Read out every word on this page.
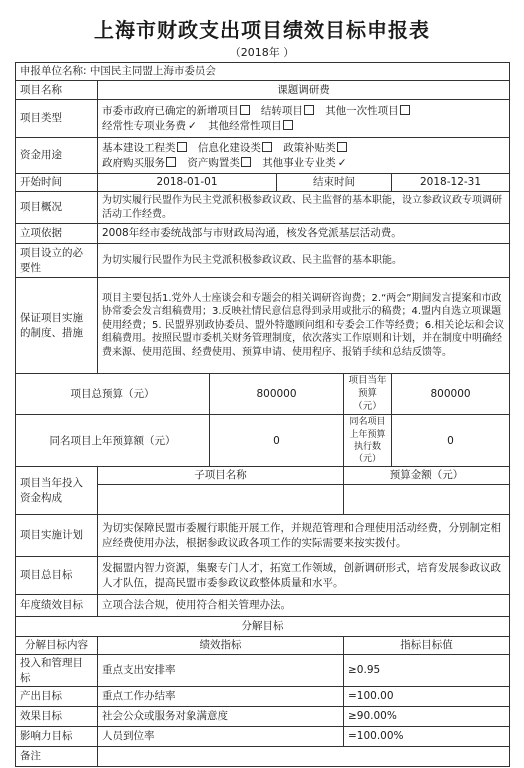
上海市财政支出项目绩效目标申报表
（2018年 ）
申报单位名称: 中国民主同盟上海市委员会					
项目名称	课题调研费				
项目类型	市委市政府已确定的新增项目 结转项目 其他一次性项目
经常性专项业务费 ✓ 其他经常性项目				

资金用途	基本建设工程类 信息化建设类 政策补贴类
政府购买服务 资产购置类 其他事业专业类 ✓				

开始时间	2018-01-01		结束时间		2018-12-31
项目概况	为切实履行民盟作为民主党派积极参政议政、民主监督的基本职能，设立参政议政专项调研活动工作经费。				
立项依据	2008年经市委统战部与市财政局沟通，核发各党派基层活动费。				
项目设立的必要性	为切实履行民盟作为民主党派积极参政议政、民主监督的基本职能。				
保证项目实施的制度、措施	项目主要包括1.党外人士座谈会和专题会的相关调研咨询费；2.“两会”期间发言提案和市政协常委会发言组稿费用；3.反映社情民意信息得到录用或批示的稿费；4.盟内自选立项课题使用经费；5. 民盟界别政协委员、盟外特邀顾问组和专委会工作等经费；6.相关论坛和会议组稿费用。按照民盟市委机关财务管理制度，依次落实工作原则和计划，并在制度中明确经费来源、使用范围、经费使用、预算申请、使用程序、报销手续和总结反馈等。				
项目总预算（元）		800000		项目当年预算（元）	800000
同名项目上年预算额（元）		0		同名项目上年预算执行数（元）	0
项目当年投入资金构成	子项目名称			预算金额（元）	

项目实施计划	为切实保障民盟市委履行职能开展工作，并规范管理和合理使用活动经费，分别制定相应经费使用办法，根据参政议政各项工作的实际需要来按实拨付。				
项目总目标	发掘盟内智力资源，集聚专门人才，拓宽工作领域，创新调研形式，培育发展参政议政人才队伍，提高民盟市委参政议政整体质量和水平。				
年度绩效目标	立项合法合规，使用符合相关管理办法。				
分解目标					
分解目标内容	绩效指标			指标目标值	
投入和管理目标	重点支出安排率			≥0.95	
产出目标	重点工作办结率			=100.00	
效果目标	社会公众或服务对象满意度			≥90.00%	
影响力目标	人员到位率			=100.00%	
备注					
